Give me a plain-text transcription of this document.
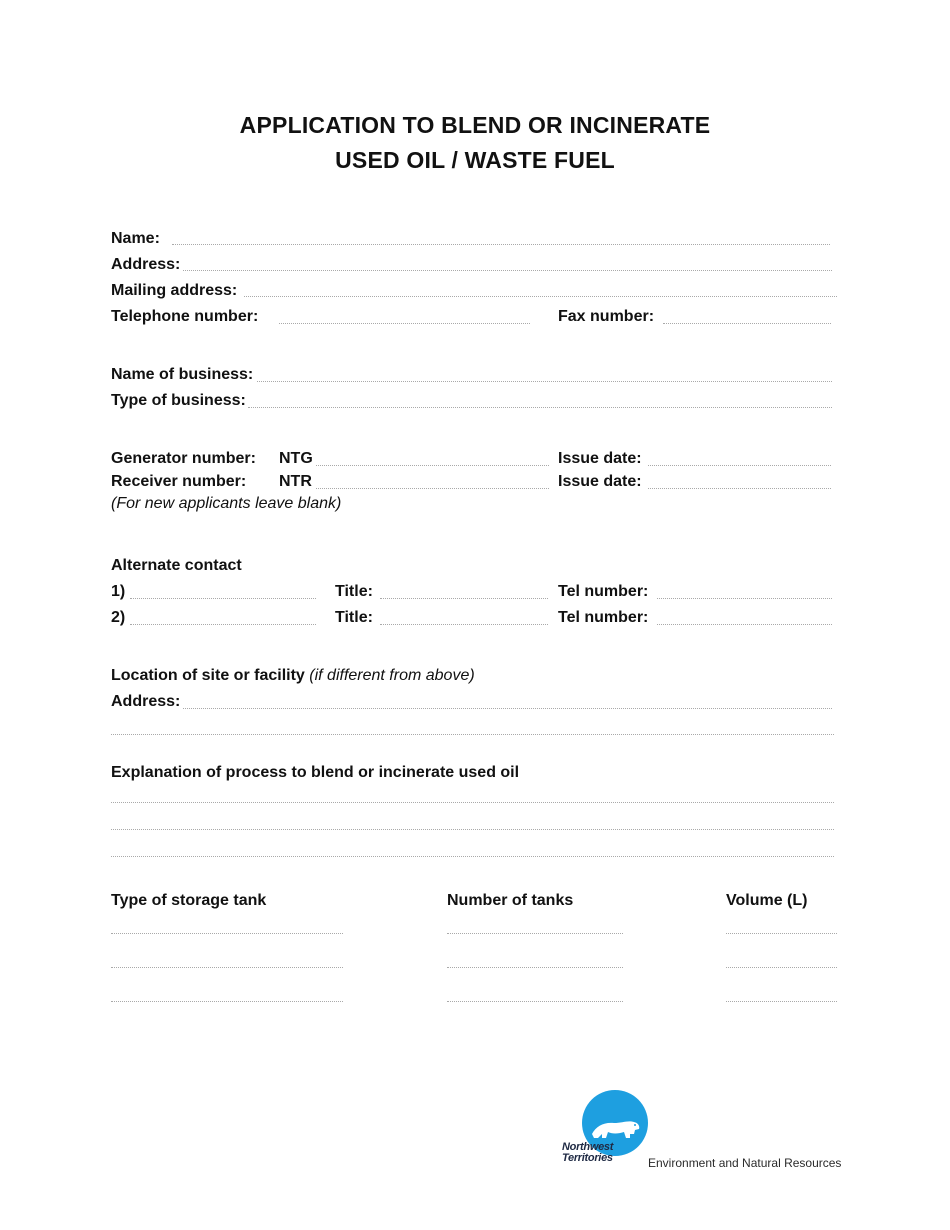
APPLICATION TO BLEND OR INCINERATE
USED OIL / WASTE FUEL
Name:
Address:
Mailing address:
Telephone number:	Fax number:
Name of business:
Type of business:
Generator number: NTG	Issue date:
Receiver number: NTR	Issue date:
(For new applicants leave blank)
Alternate contact
1)	Title:	Tel number:
2)	Title:	Tel number:
Location of site or facility (if different from above)
Address:
Explanation of process to blend or incinerate used oil
Type of storage tank	Number of tanks	Volume (L)
Northwest
Territories	Environment and Natural Resources
